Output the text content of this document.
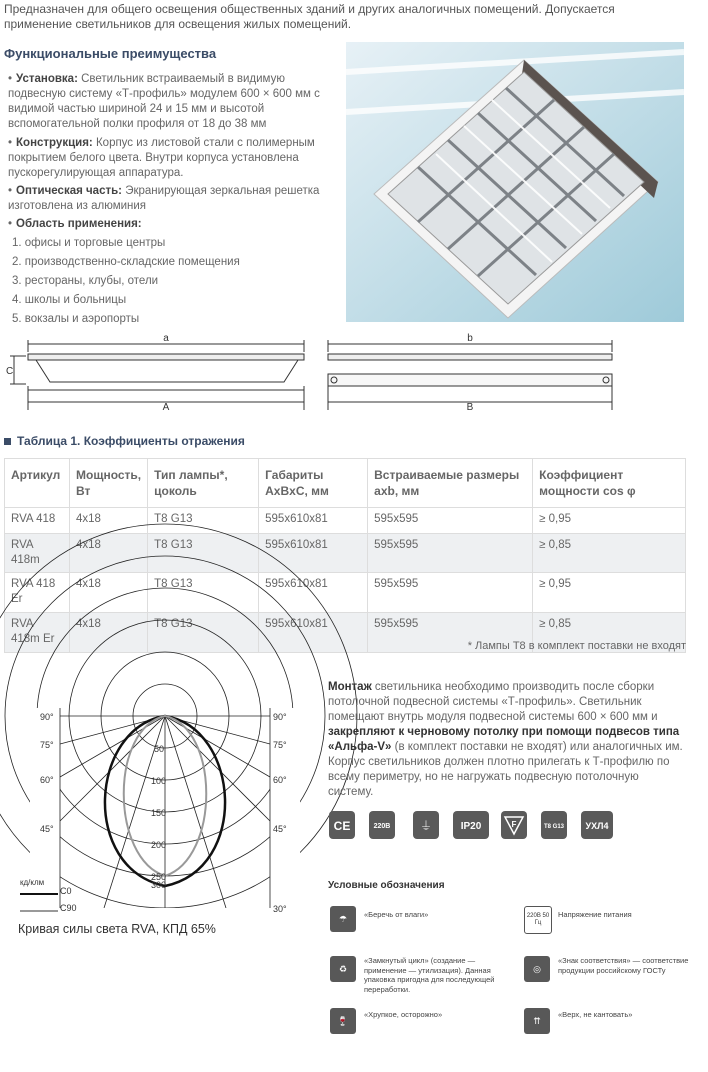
Предназначен для общего освещения общественных зданий и других аналогичных помещений. Допускается применение светильников для освещения жилых помещений.
Функциональные преимущества
• Установка: Светильник встраиваемый в видимую подвесную систему «Т-профиль» модулем 600 × 600 мм с видимой частью шириной 24 и 15 мм и высотой вспомогательной полки профиля от 18 до 38 мм
• Конструкция: Корпус из листовой стали с полимерным покрытием белого цвета. Внутри корпуса установлена пускорегулирующая аппаратура.
• Оптическая часть: Экранирующая зеркальная решетка изготовлена из алюминия
• Область применения:
1. офисы и торговые центры
2. производственно-складские помещения
3. рестораны, клубы, отели
4. школы и больницы
5. вокзалы и аэропорты
a
A
C
b
B
Таблица 1. Коэффициенты отражения
Артикул	Мощность, Вт	Тип лампы*, цоколь	Габариты AxBxC, мм	Встраиваемые размеры axb, мм	Коэффициент мощности cos φ
RVA 418	4x18	T8 G13	595x610x81	595x595	≥ 0,95
RVA 418m	4x18	T8 G13	595x610x81	595x595	≥ 0,85
RVA 418 Er	4x18	T8 G13	595x610x81	595x595	≥ 0,95
RVA 418m Er	4x18	T8 G13	595x610x81	595x595	≥ 0,85
* Лампы T8 в комплект поставки не входят
90°
75°
60°
45°
90°
75°
60°
45°
30°
50
100
150
200
250
300
кд/клм
C0
C90
Кривая силы света RVA, КПД 65%
Монтаж светильника необходимо производить после сборки потолочной подвесной системы «Т-профиль». Светильник помещают внутрь модуля подвесной системы 600 × 600 мм и закрепляют к черновому потолку при помощи подвесов типа «Альфа-V» (в комплект поставки не входят) или аналогичных им. Корпус светильников должен плотно прилегать к Т-профилю по всему периметру, но не нагружать подвесную потолочную систему.
CE	220В ⏚	IP20	F	T8 G13 УХЛ4
Условные обозначения
☂	«Беречь от влаги»	220В 50 Гц
Напряжение питания
♻
«Замкнутый цикл» (создание — применение — утилизация). Данная упаковка пригодна для последующей переработки.
◎
«Знак соответствия» — соответствие продукции российскому ГОСТу
🍷
«Хрупкое, осторожно»
⇈
«Верх, не кантовать»
